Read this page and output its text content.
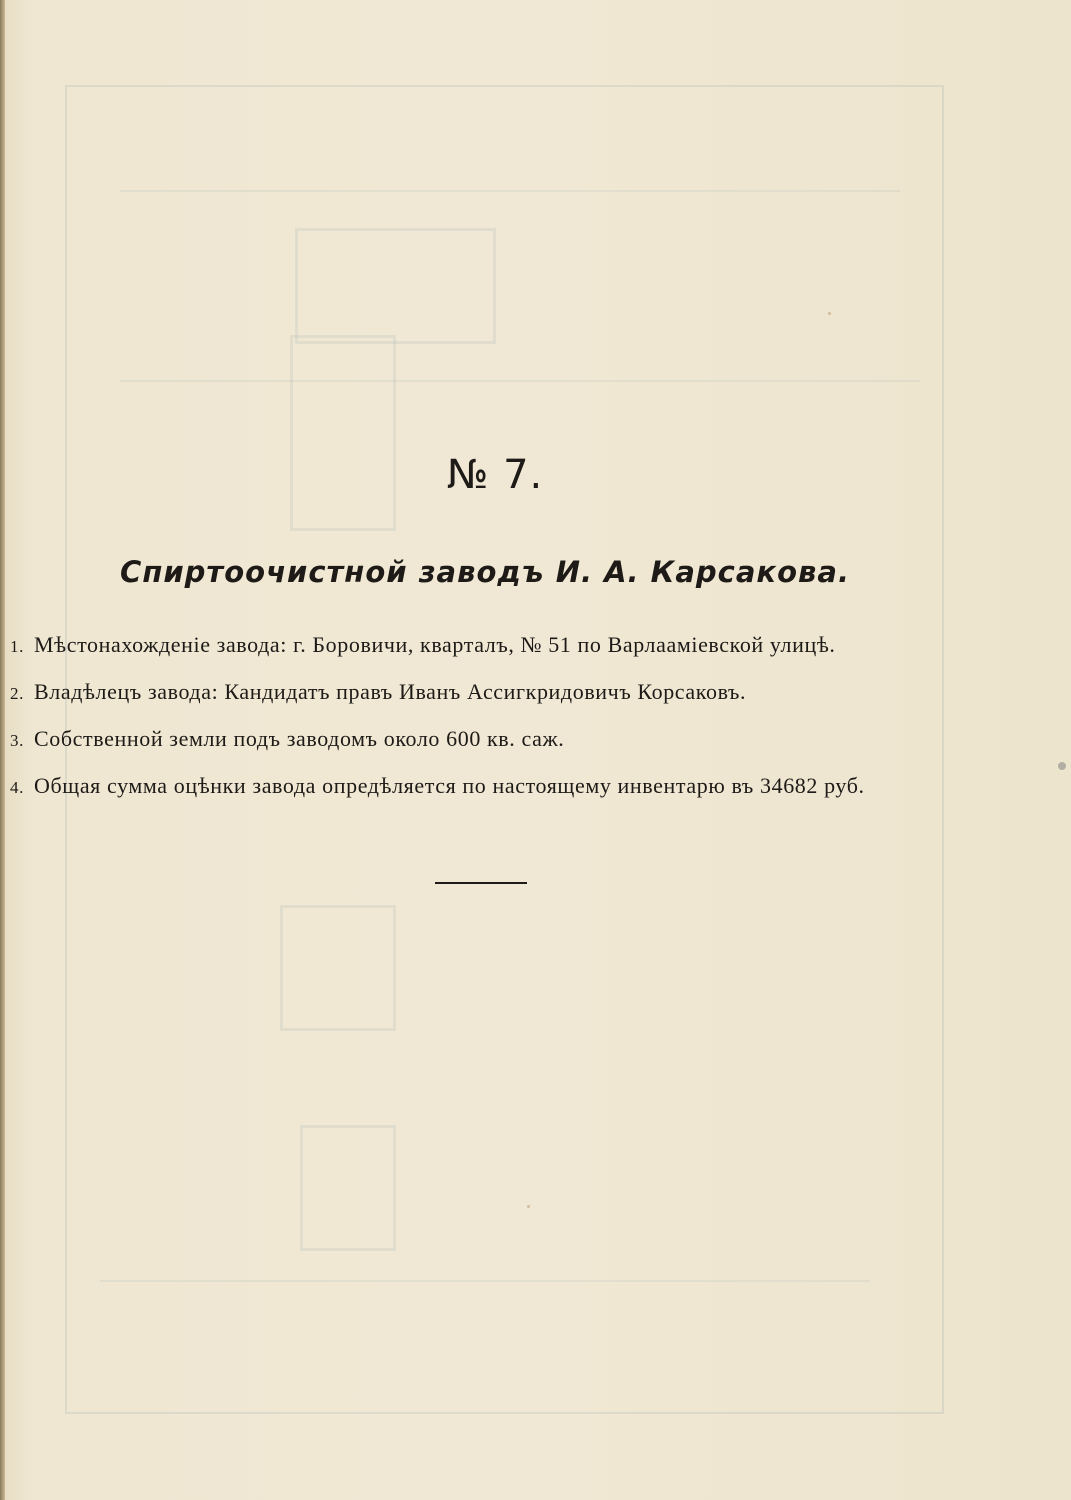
№ 7.
Спиртоочистной заводъ И. А. Карсакова.
1. Мѣстонахожденіе завода: г. Боровичи, кварталъ, № 51 по Варлааміевской улицѣ.
2. Владѣлецъ завода: Кандидатъ правъ Иванъ Ассигкридовичъ Корсаковъ.
3. Собственной земли подъ заводомъ около 600 кв. саж.
4. Общая сумма оцѣнки завода опредѣляется по настоящему инвентарю въ 34682 руб.
